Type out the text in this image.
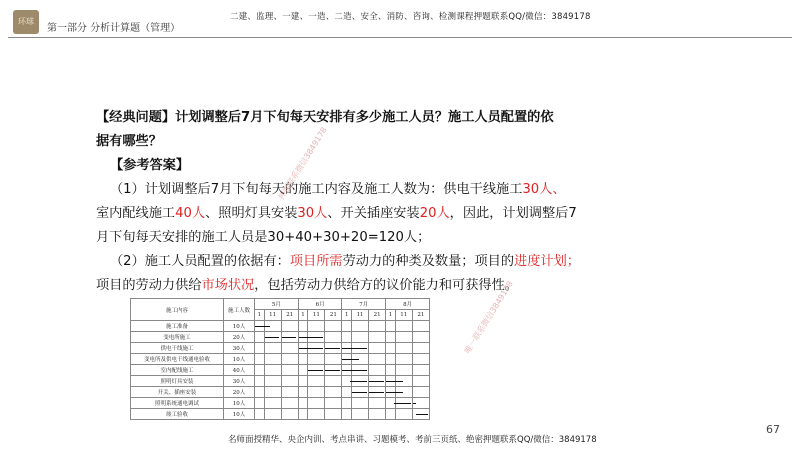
环球
第一部分 分析计算题（管理）
二建、监理、一建、一造、二造、安全、消防、咨询、检测课程押题联系QQ/微信：3849178
【经典问题】计划调整后7月下旬每天安排有多少施工人员？施工人员配置的依
据有哪些？
【参考答案】
（1）计划调整后7月下旬每天的施工内容及施工人数为：供电干线施工30人、
室内配线施工40人、照明灯具安装30人、开关插座安装20人，因此，计划调整后7
月下旬每天安排的施工人员是30+40+30+20=120人；
（2）施工人员配置的依据有：项目所需劳动力的种类及数量；项目的进度计划；
项目的劳动力供给市场状况，包括劳动力供给方的议价能力和可获得性。
施工内容	施工人数	5月			6月			7月			8月		
		1	11	21	1	11	21	1	11	21	1	11	21
施工准备	10人	

变电所施工	20人		

供电干线施工	30人				

变电所及供电干线通电验收	10人							

室内配线施工	40人					

照明灯具安装	30人							

开关、插座安装	20人								

照明系统通电调试	10人										

竣工验收	10人												
押题联系微信3849178
唯一联系微信3849178
67
名师面授精华、央企内训、考点串讲、习题模考、考前三页纸、绝密押题联系QQ/微信：3849178
